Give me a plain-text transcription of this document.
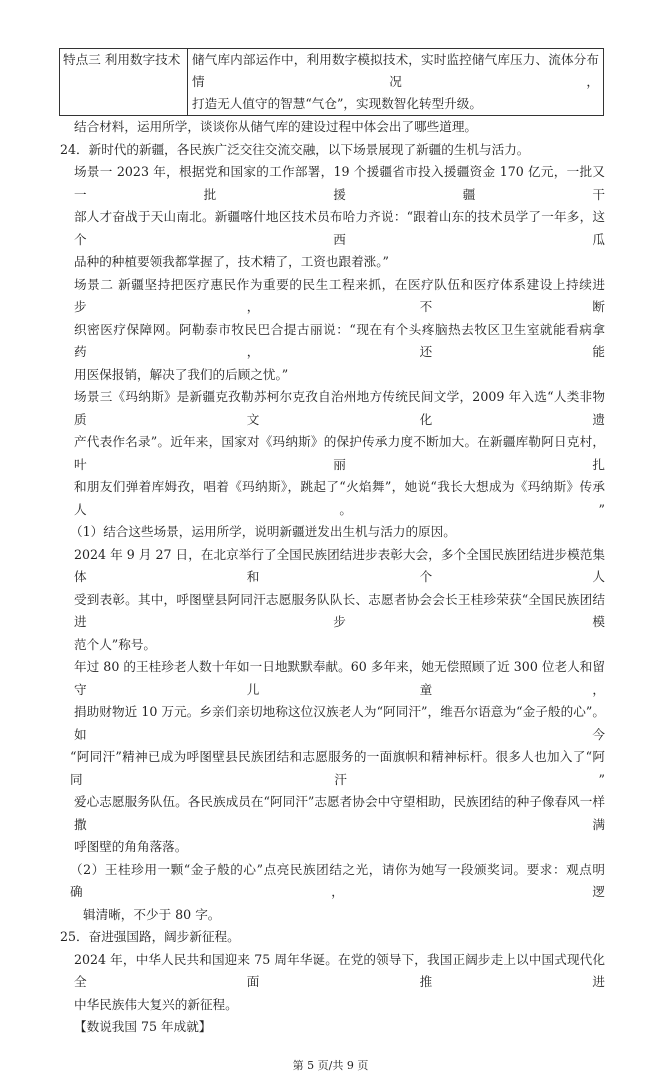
特点三 利用数字技术 储气库内部运作中，利用数字模拟技术，实时监控储气库压力、流体分布情况，
打造无人值守的智慧“气仓”，实现数智化转型升级。
结合材料，运用所学，谈谈你从储气库的建设过程中体会出了哪些道理。
24．新时代的新疆，各民族广泛交往交流交融，以下场景展现了新疆的生机与活力。
场景一 2023 年，根据党和国家的工作部署，19 个援疆省市投入援疆资金 170 亿元，一批又一批援疆干
部人才奋战于天山南北。新疆喀什地区技术员布哈力齐说：“跟着山东的技术员学了一年多，这个西瓜
品种的种植要领我都掌握了，技术精了，工资也跟着涨。”
场景二 新疆坚持把医疗惠民作为重要的民生工程来抓，在医疗队伍和医疗体系建设上持续进步，不断
织密医疗保障网。阿勒泰市牧民巴合提古丽说：“现在有个头疼脑热去牧区卫生室就能看病拿药，还能
用医保报销，解决了我们的后顾之忧。”
场景三《玛纳斯》是新疆克孜勒苏柯尔克孜自治州地方传统民间文学，2009 年入选“人类非物质文化遗
产代表作名录”。近年来，国家对《玛纳斯》的保护传承力度不断加大。在新疆库勒阿日克村，叶丽扎
和朋友们弹着库姆孜，唱着《玛纳斯》，跳起了“火焰舞”，她说“我长大想成为《玛纳斯》传承人。”
（1）结合这些场景，运用所学，说明新疆迸发出生机与活力的原因。
2024 年 9 月 27 日，在北京举行了全国民族团结进步表彰大会，多个全国民族团结进步模范集体和个人
受到表彰。其中，呼图壁县阿同汗志愿服务队队长、志愿者协会会长王桂珍荣获“全国民族团结进步模
范个人”称号。
年过 80 的王桂珍老人数十年如一日地默默奉献。60 多年来，她无偿照顾了近 300 位老人和留守儿童，
捐助财物近 10 万元。乡亲们亲切地称这位汉族老人为“阿同汗”，维吾尔语意为“金子般的心”。如今
“阿同汗”精神已成为呼图壁县民族团结和志愿服务的一面旗帜和精神标杆。很多人也加入了“阿同汗”
爱心志愿服务队伍。各民族成员在“阿同汗”志愿者协会中守望相助，民族团结的种子像春风一样撒满
呼图壁的角角落落。
（2）王桂珍用一颗“金子般的心”点亮民族团结之光，请你为她写一段颁奖词。要求：观点明确，逻
辑清晰，不少于 80 字。
25．奋进强国路，阔步新征程。
2024 年，中华人民共和国迎来 75 周年华诞。在党的领导下，我国正阔步走上以中国式现代化全面推进
中华民族伟大复兴的新征程。
【数说我国 75 年成就】
第 5 页/共 9 页
